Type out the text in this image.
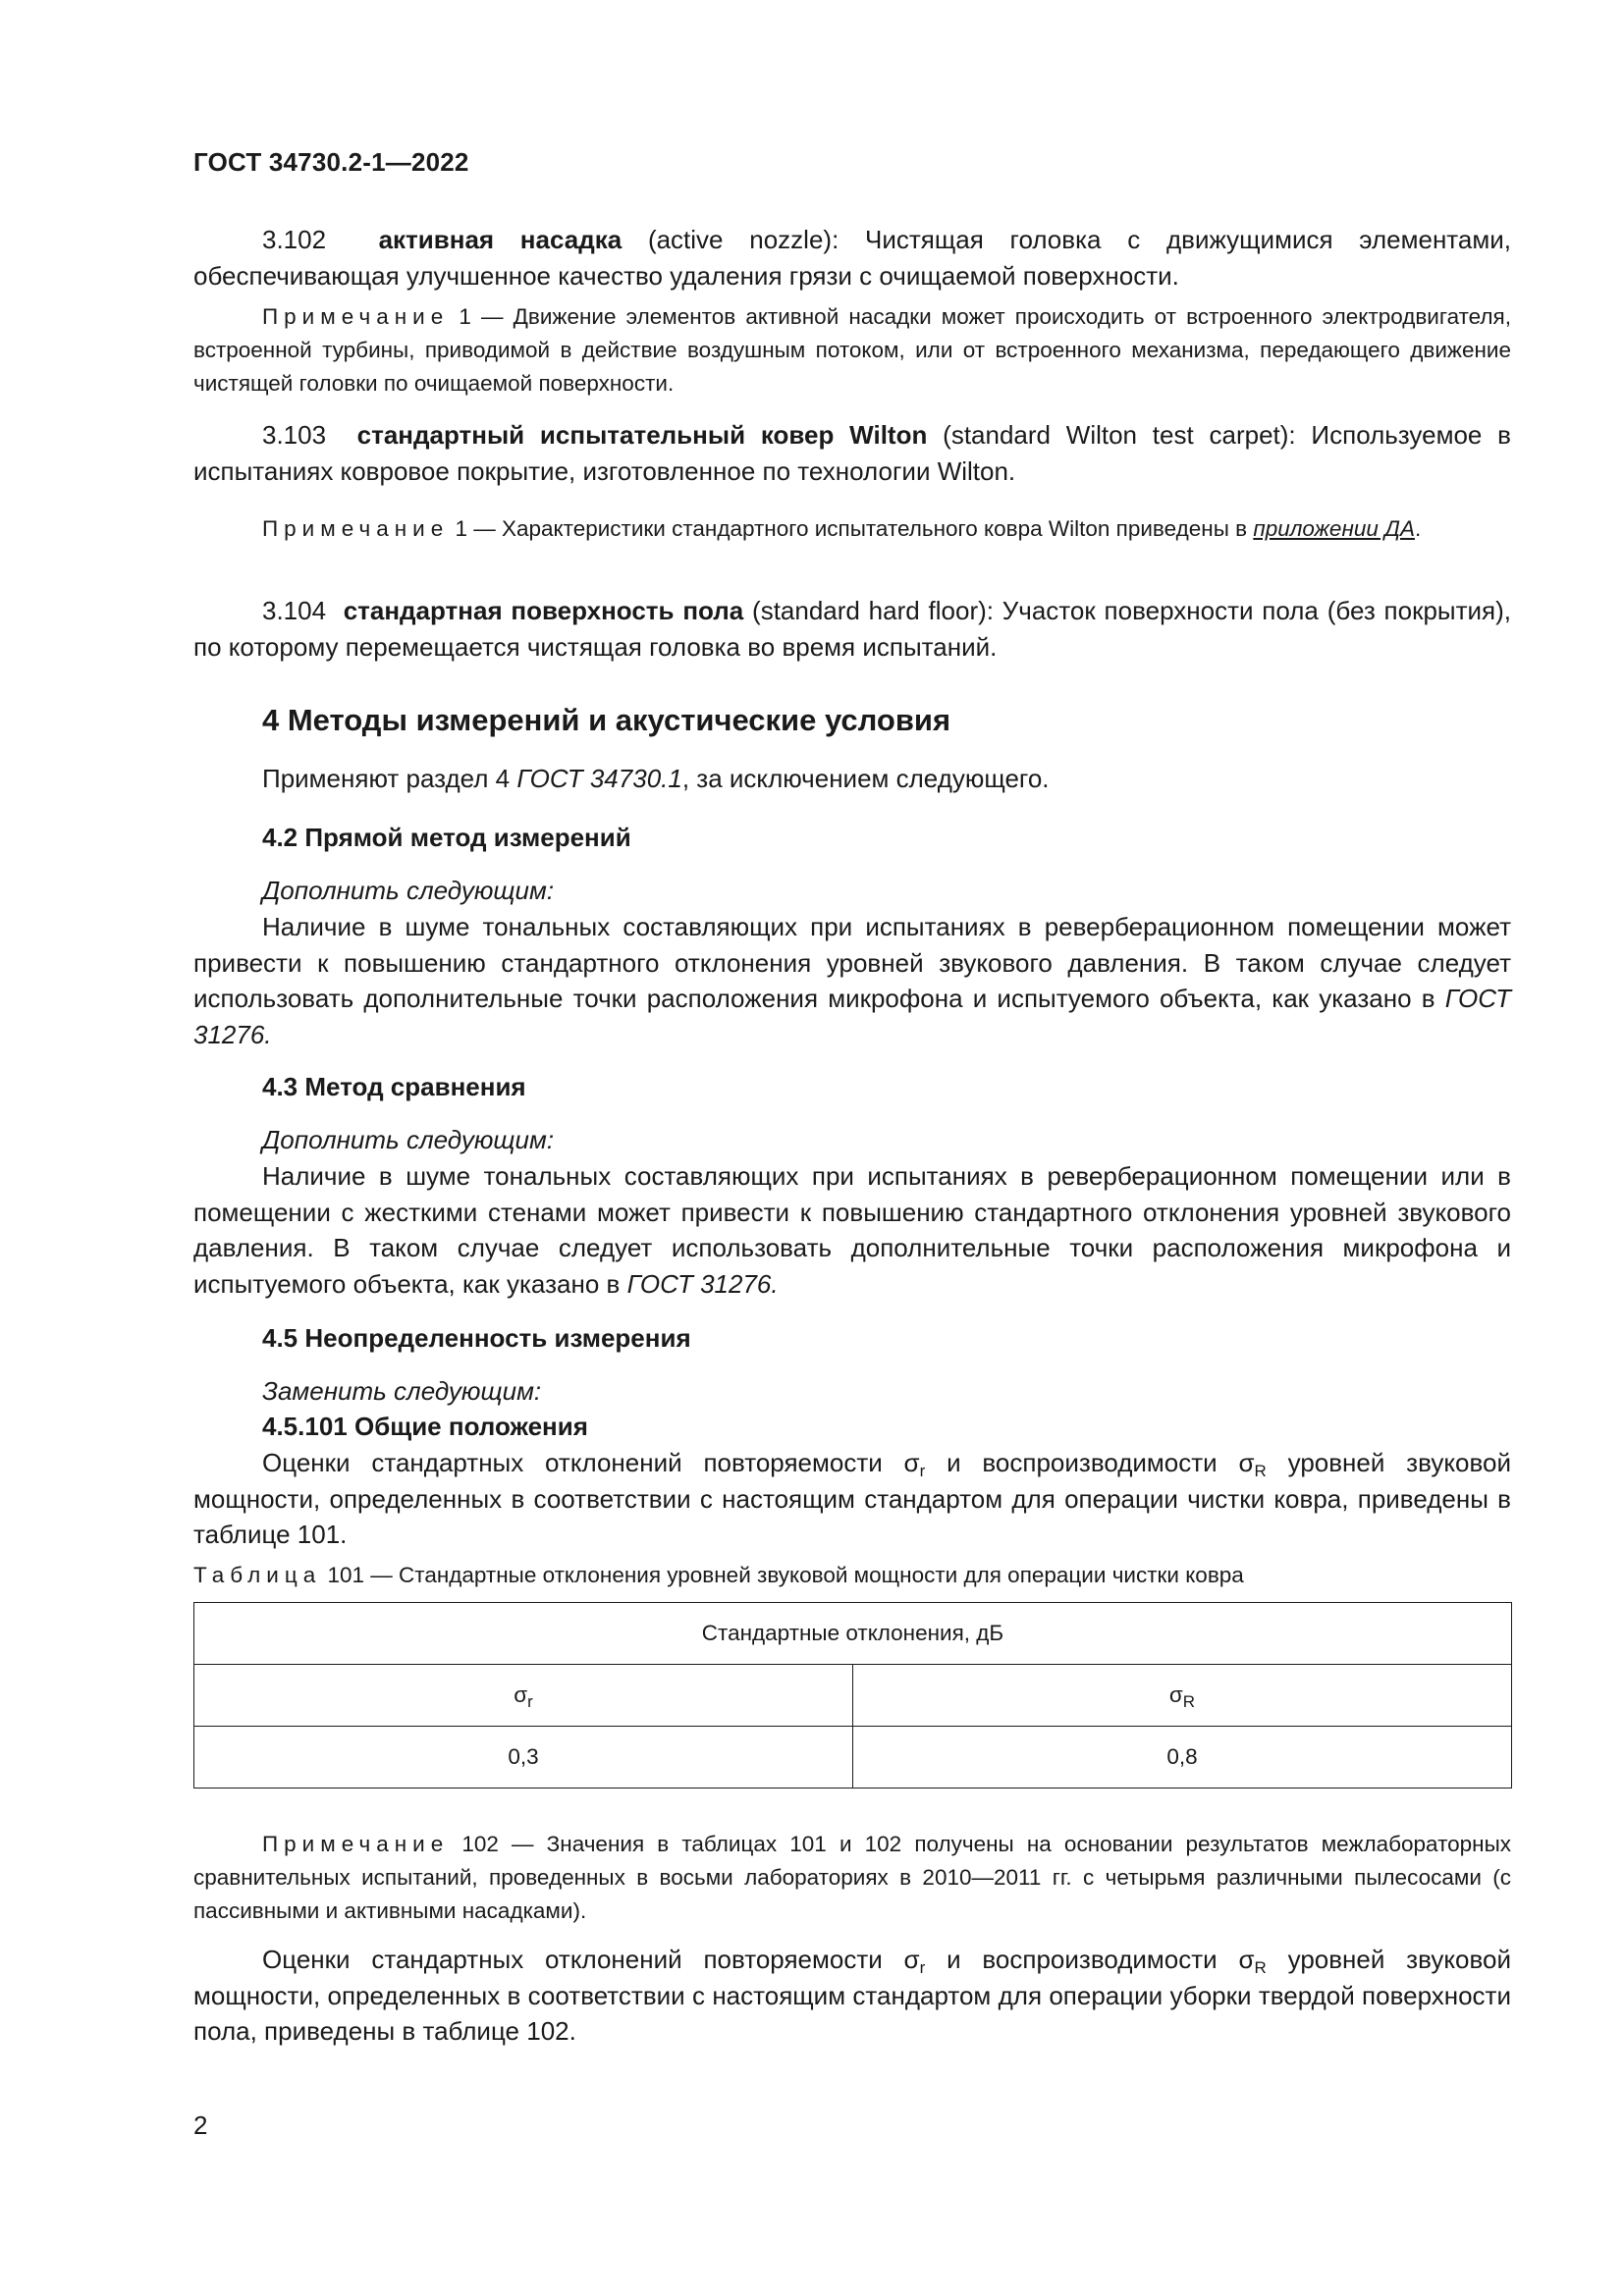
ГОСТ 34730.2-1—2022
3.102 активная насадка (active nozzle): Чистящая головка с движущимися элементами, обеспечивающая улучшенное качество удаления грязи с очищаемой поверхности.
Примечание 1 — Движение элементов активной насадки может происходить от встроенного электродвигателя, встроенной турбины, приводимой в действие воздушным потоком, или от встроенного механизма, передающего движение чистящей головки по очищаемой поверхности.
3.103 стандартный испытательный ковер Wilton (standard Wilton test carpet): Используемое в испытаниях ковровое покрытие, изготовленное по технологии Wilton.
Примечание 1 — Характеристики стандартного испытательного ковра Wilton приведены в приложении ДА.
3.104 стандартная поверхность пола (standard hard floor): Участок поверхности пола (без покрытия), по которому перемещается чистящая головка во время испытаний.
4 Методы измерений и акустические условия
Применяют раздел 4 ГОСТ 34730.1, за исключением следующего.
4.2 Прямой метод измерений
Дополнить следующим:
Наличие в шуме тональных составляющих при испытаниях в реверберационном помещении может привести к повышению стандартного отклонения уровней звукового давления. В таком случае следует использовать дополнительные точки расположения микрофона и испытуемого объекта, как указано в ГОСТ 31276.
4.3 Метод сравнения
Дополнить следующим:
Наличие в шуме тональных составляющих при испытаниях в реверберационном помещении или в помещении с жесткими стенами может привести к повышению стандартного отклонения уровней звукового давления. В таком случае следует использовать дополнительные точки расположения микрофона и испытуемого объекта, как указано в ГОСТ 31276.
4.5 Неопределенность измерения
Заменить следующим:
4.5.101 Общие положения
Оценки стандартных отклонений повторяемости $\sigma_r$ и воспроизводимости $\sigma_R$ уровней звуковой мощности, определенных в соответствии с настоящим стандартом для операции чистки ковра, приведены в таблице 101.
Таблица 101 — Стандартные отклонения уровней звуковой мощности для операции чистки ковра
Стандартные отклонения, дБ	
$\sigma_r$	$\sigma_R$
0,3	0,8
Примечание 102 — Значения в таблицах 101 и 102 получены на основании результатов межлабораторных сравнительных испытаний, проведенных в восьми лабораториях в 2010—2011 гг. с четырьмя различными пылесосами (с пассивными и активными насадками).
Оценки стандартных отклонений повторяемости $\sigma_r$ и воспроизводимости $\sigma_R$ уровней звуковой мощности, определенных в соответствии с настоящим стандартом для операции уборки твердой поверхности пола, приведены в таблице 102.
2
